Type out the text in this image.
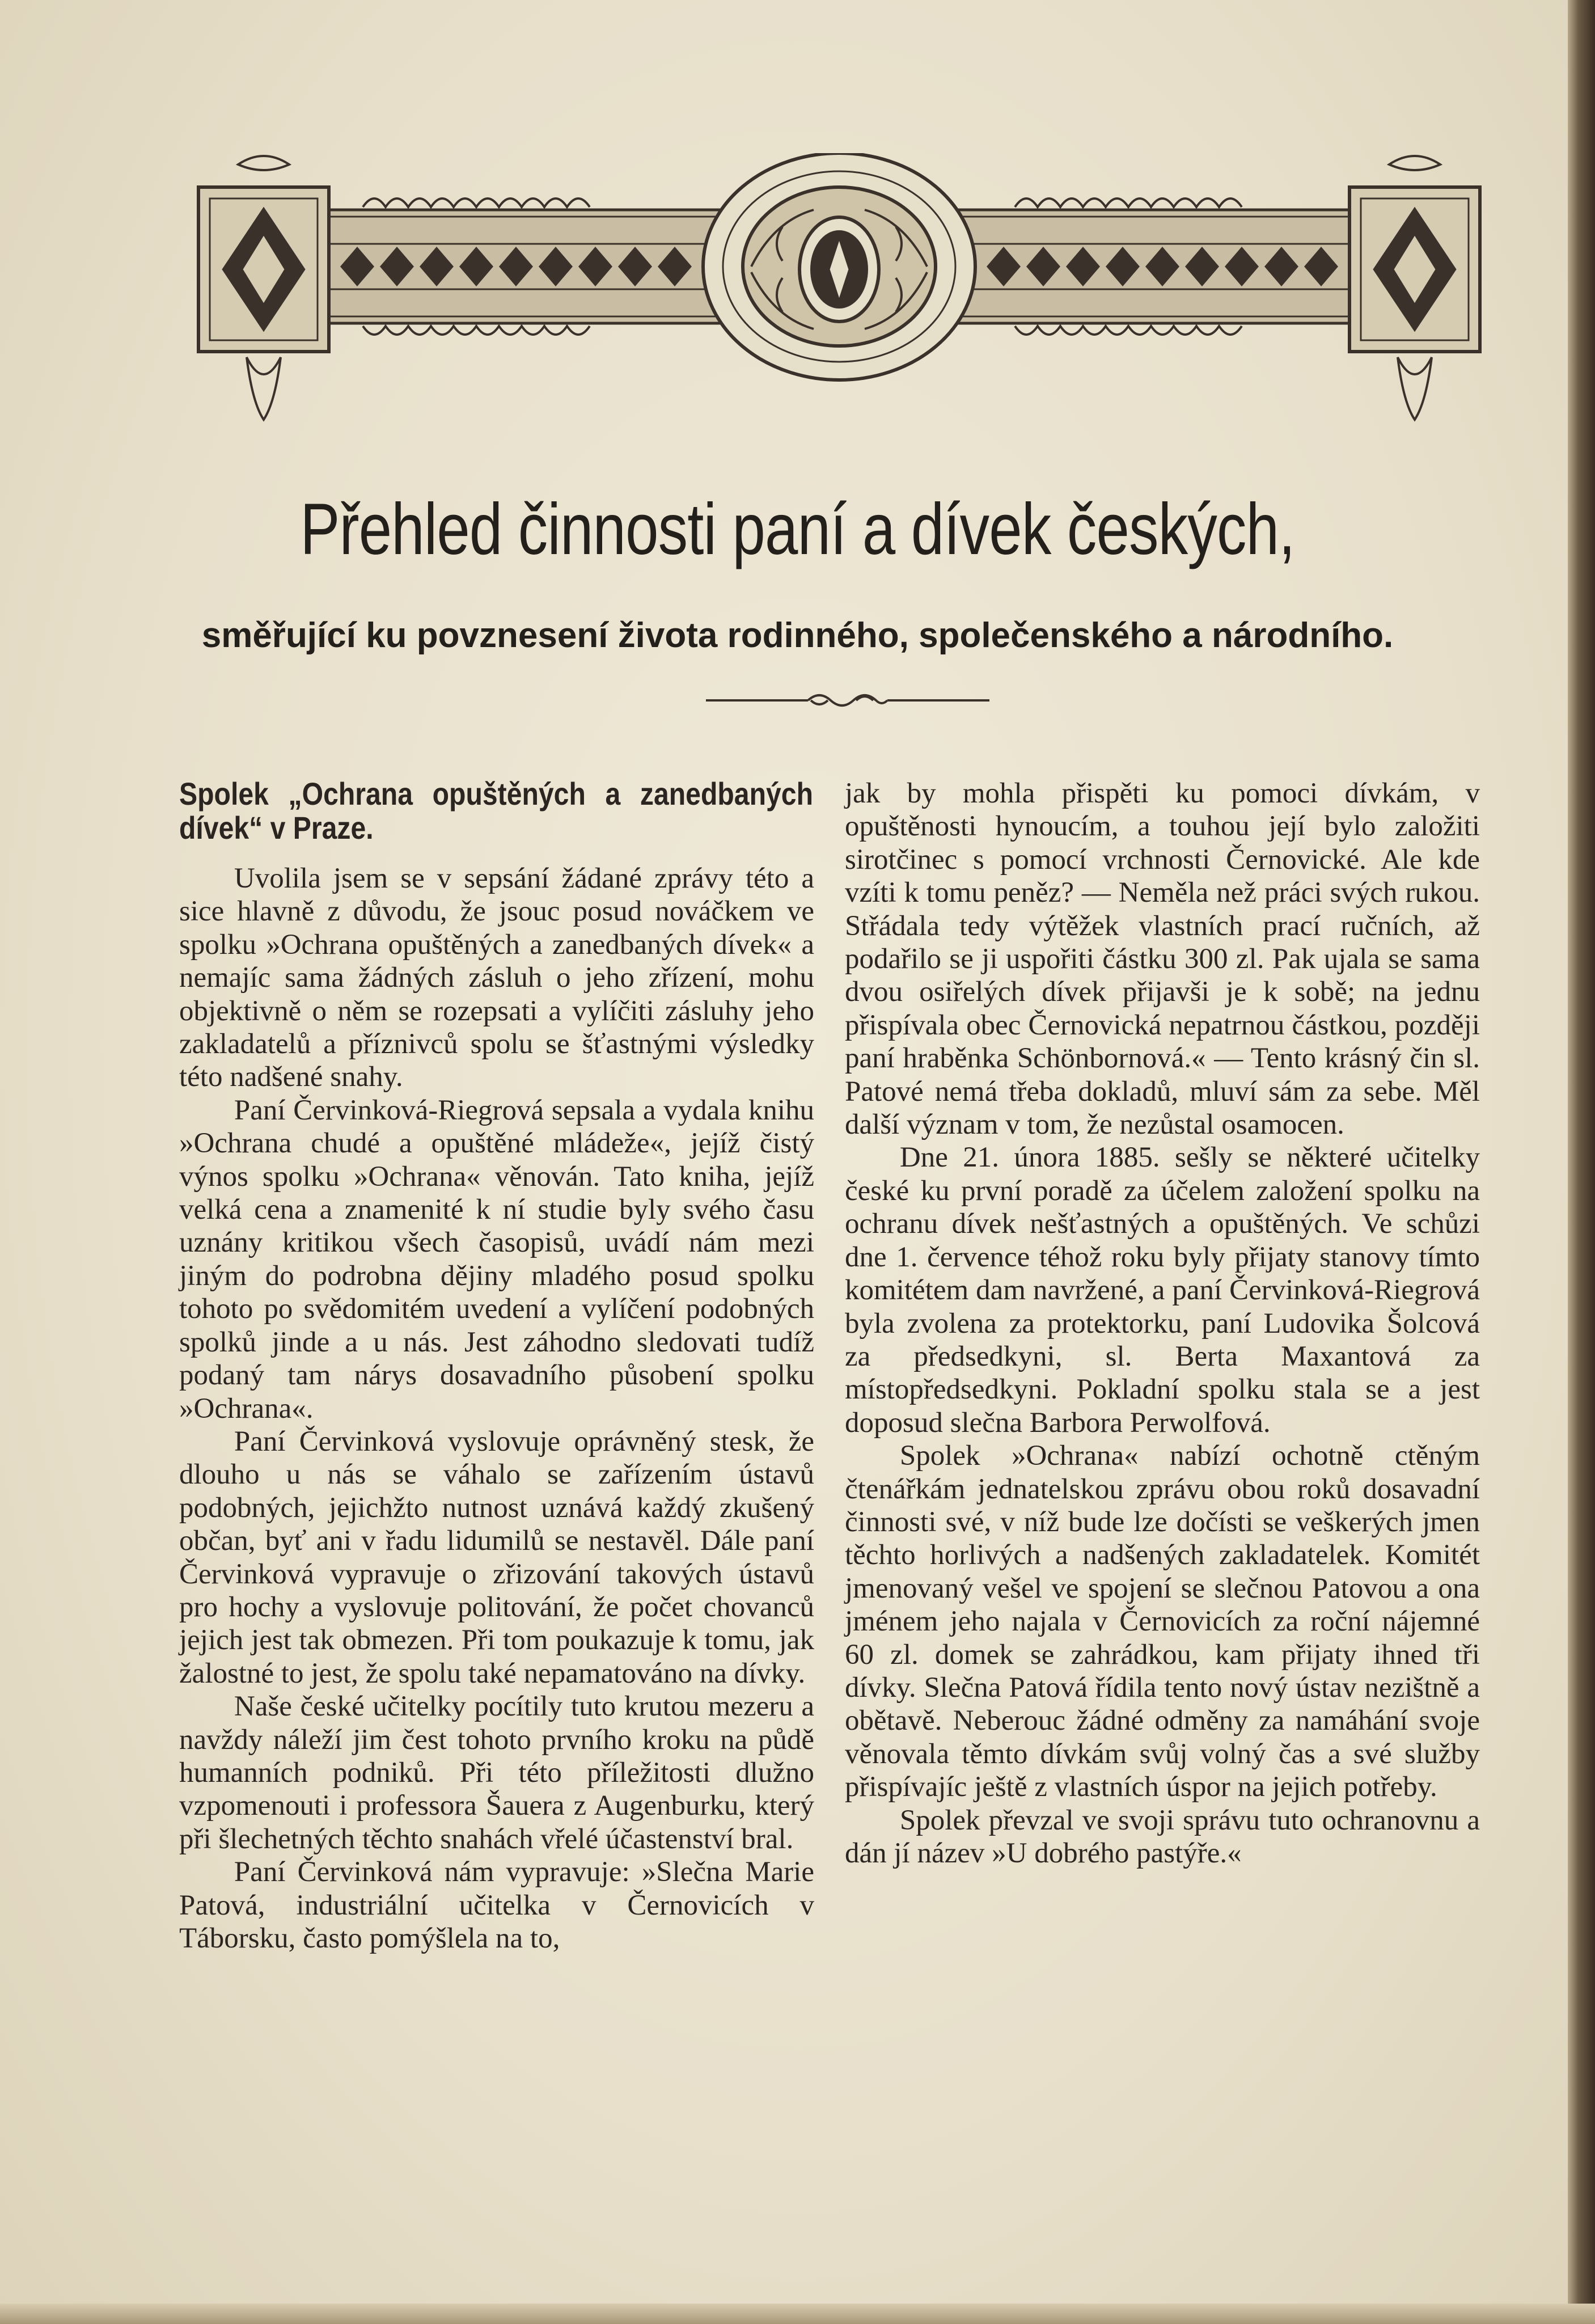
Přehled činnosti paní a dívek českých,
směřující ku povznesení života rodinného, společenského a národního.
Spolek „Ochrana opuštěných a zanedbaných dívek“ v Praze.

Uvolila jsem se v sepsání žádané zprávy této a sice hlavně z důvodu, že jsouc posud nováčkem ve spolku »Ochrana opuštěných a zanedbaných dívek« a nemajíc sama žádných zásluh o jeho zřízení, mohu objektivně o něm se rozepsati a vylíčiti zásluhy jeho zakladatelů a příznivců spolu se šťastnými výsledky této nadšené snahy.

Paní Červinková-Riegrová sepsala a vydala knihu »Ochrana chudé a opuštěné mládeže«, jejíž čistý výnos spolku »Ochrana« věnován. Tato kniha, jejíž velká cena a znamenité k ní studie byly svého času uznány kritikou všech časopisů, uvádí nám mezi jiným do podrobna dějiny mladého posud spolku tohoto po svědomitém uvedení a vylíčení podobných spolků jinde a u nás. Jest záhodno sledovati tudíž podaný tam nárys dosavadního působení spolku »Ochrana«.

Paní Červinková vyslovuje oprávněný stesk, že dlouho u nás se váhalo se zařízením ústavů podobných, jejichžto nutnost uznává každý zkušený občan, byť ani v řadu lidumilů se nestavěl. Dále paní Červinková vypravuje o zřizování takových ústavů pro hochy a vyslovuje politování, že počet chovanců jejich jest tak obmezen. Při tom poukazuje k tomu, jak žalostné to jest, že spolu také nepamatováno na dívky.

Naše české učitelky pocítily tuto krutou mezeru a navždy náleží jim čest tohoto prvního kroku na půdě humanních podniků. Při této příležitosti dlužno vzpomenouti i professora Šauera z Augenburku, který při šlechetných těchto snahách vřelé účastenství bral.

Paní Červinková nám vypravuje: »Slečna Marie Patová, industriální učitelka v Černovicích v Táborsku, často pomýšlela na to,

jak by mohla přispěti ku pomoci dívkám, v opuštěnosti hynoucím, a touhou její bylo založiti sirotčinec s pomocí vrchnosti Černovické. Ale kde vzíti k tomu peněz? — Neměla než práci svých rukou. Střádala tedy výtěžek vlastních prací ručních, až podařilo se ji uspořiti částku 300 zl. Pak ujala se sama dvou osiřelých dívek přijavši je k sobě; na jednu přispívala obec Černovická nepatrnou částkou, později paní hraběnka Schönbornová.« — Tento krásný čin sl. Patové nemá třeba dokladů, mluví sám za sebe. Měl další význam v tom, že nezůstal osamocen.

Dne 21. února 1885. sešly se některé učitelky české ku první poradě za účelem založení spolku na ochranu dívek nešťastných a opuštěných. Ve schůzi dne 1. července téhož roku byly přijaty stanovy tímto komitétem dam navržené, a paní Červinková-Riegrová byla zvolena za protektorku, paní Ludovika Šolcová za předsedkyni, sl. Berta Maxantová za místopředsedkyni. Pokladní spolku stala se a jest doposud slečna Barbora Perwolfová.

Spolek »Ochrana« nabízí ochotně ctěným čtenářkám jednatelskou zprávu obou roků dosavadní činnosti své, v níž bude lze dočísti se veškerých jmen těchto horlivých a nadšených zakladatelek. Komitét jmenovaný vešel ve spojení se slečnou Patovou a ona jménem jeho najala v Černovicích za roční nájemné 60 zl. domek se zahrádkou, kam přijaty ihned tři dívky. Slečna Patová řídila tento nový ústav nezištně a obětavě. Neberouc žádné odměny za namáhání svoje věnovala těmto dívkám svůj volný čas a své služby přispívajíc ještě z vlastních úspor na jejich potřeby.

Spolek převzal ve svoji správu tuto ochranovnu a dán jí název »U dobrého pastýře.«
